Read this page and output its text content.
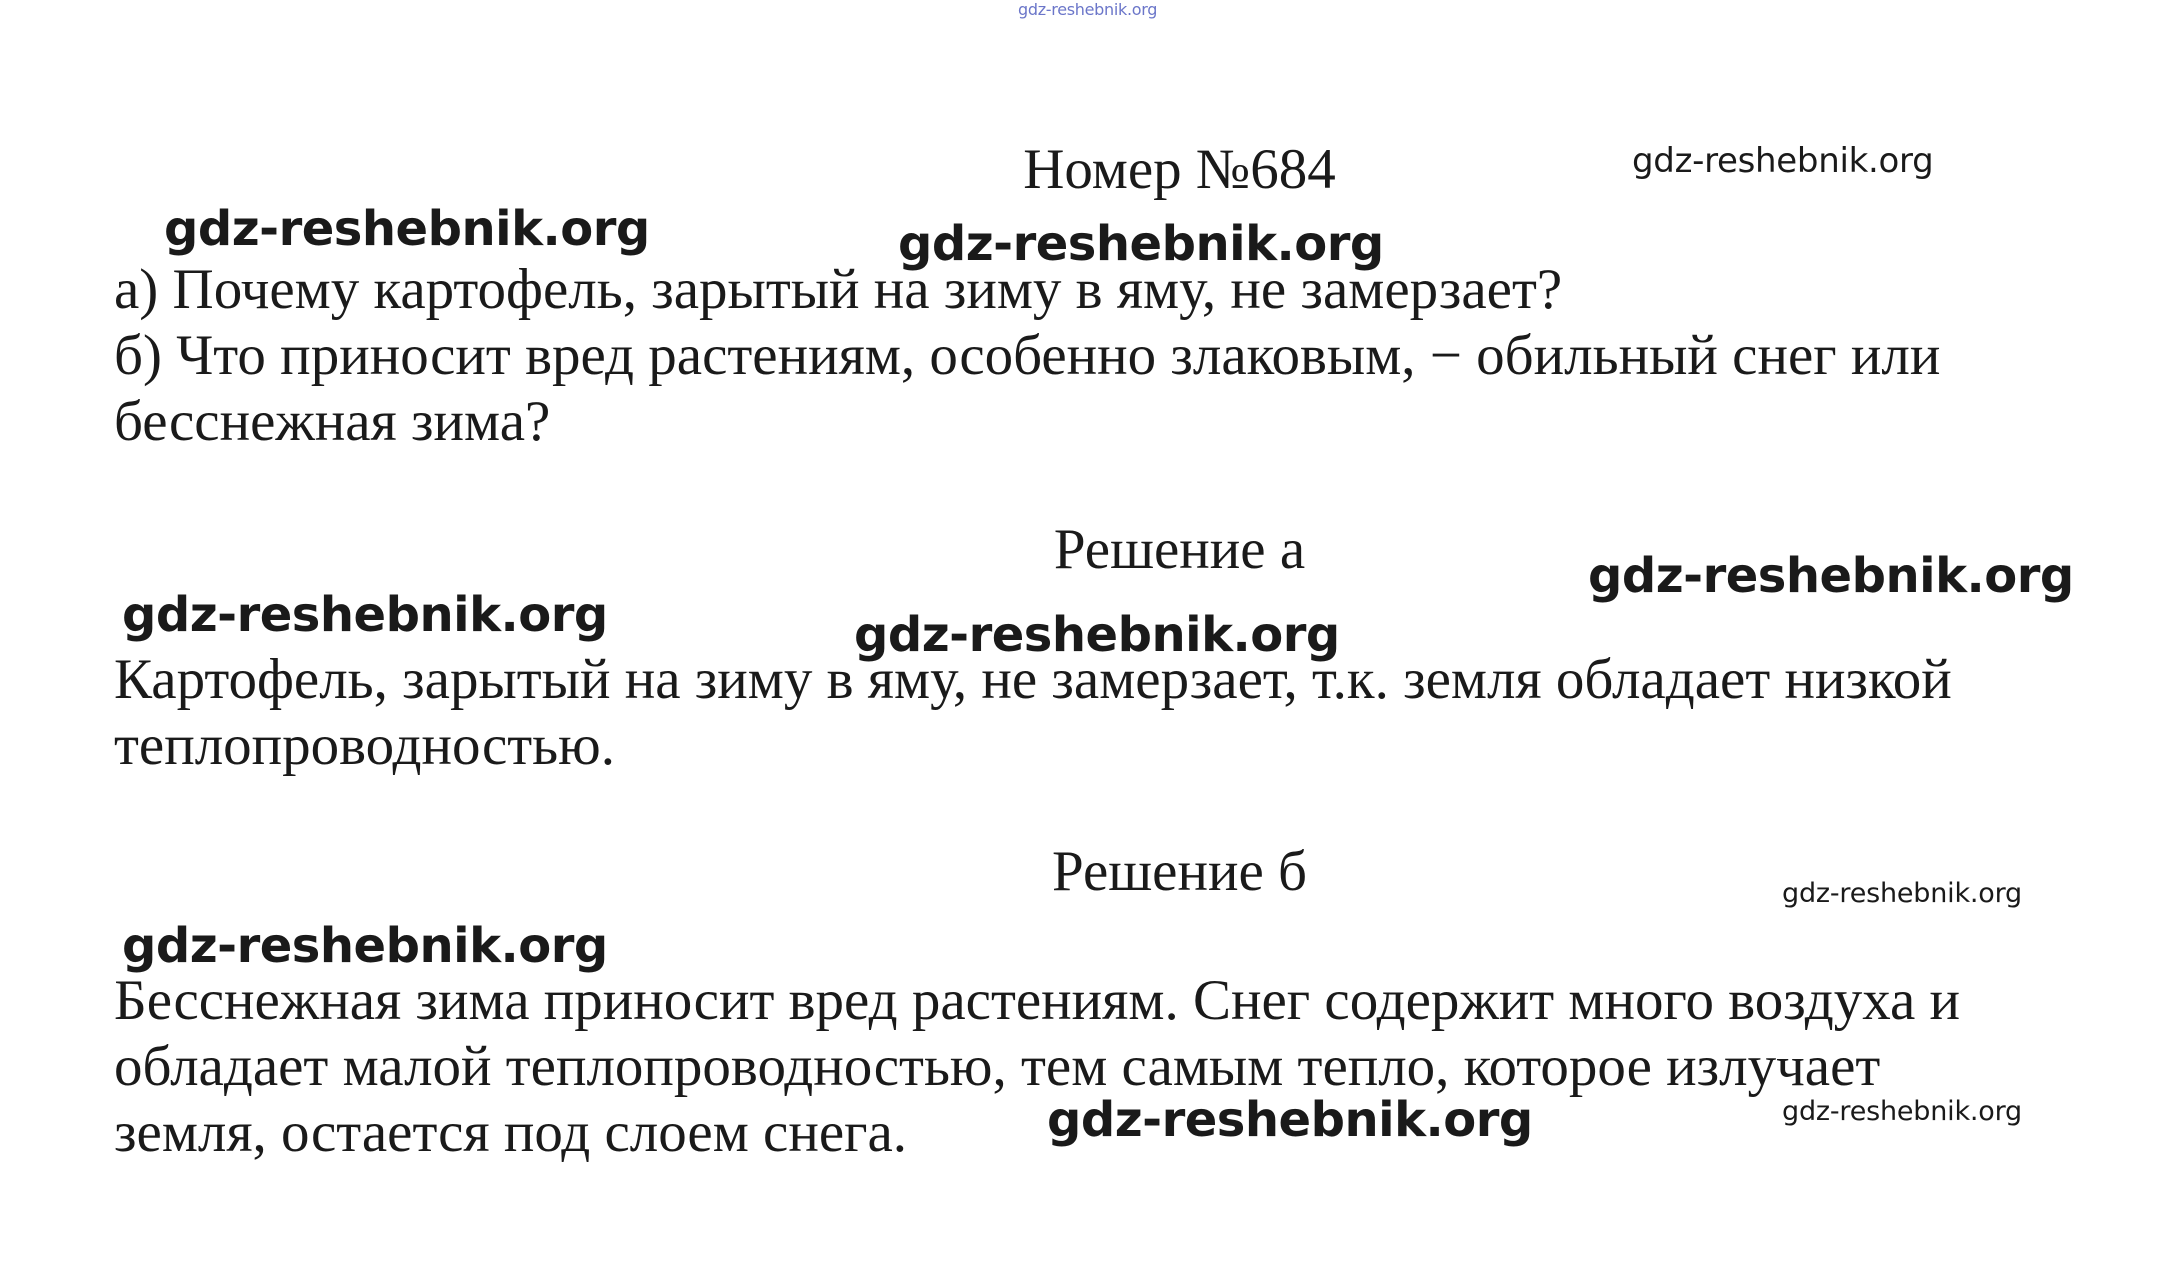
gdz-reshebnik.org
Номер №684
а) Почему картофель, зарытый на зиму в яму, не замерзает?
б) Что приносит вред растениям, особенно злаковым, − обильный снег или
бесснежная зима?
Решение а
Картофель, зарытый на зиму в яму, не замерзает, т.к. земля обладает низкой
теплопроводностью.
Решение б
Бесснежная зима приносит вред растениям. Снег содержит много воздуха и
обладает малой теплопроводностью, тем самым тепло, которое излучает
земля, остается под слоем снега.
gdz-reshebnik.org
gdz-reshebnik.org	gdz-reshebnik.org
gdz-reshebnik.org
gdz-reshebnik.org	gdz-reshebnik.org
gdz-reshebnik.org
gdz-reshebnik.org
gdz-reshebnik.org	gdz-reshebnik.org
